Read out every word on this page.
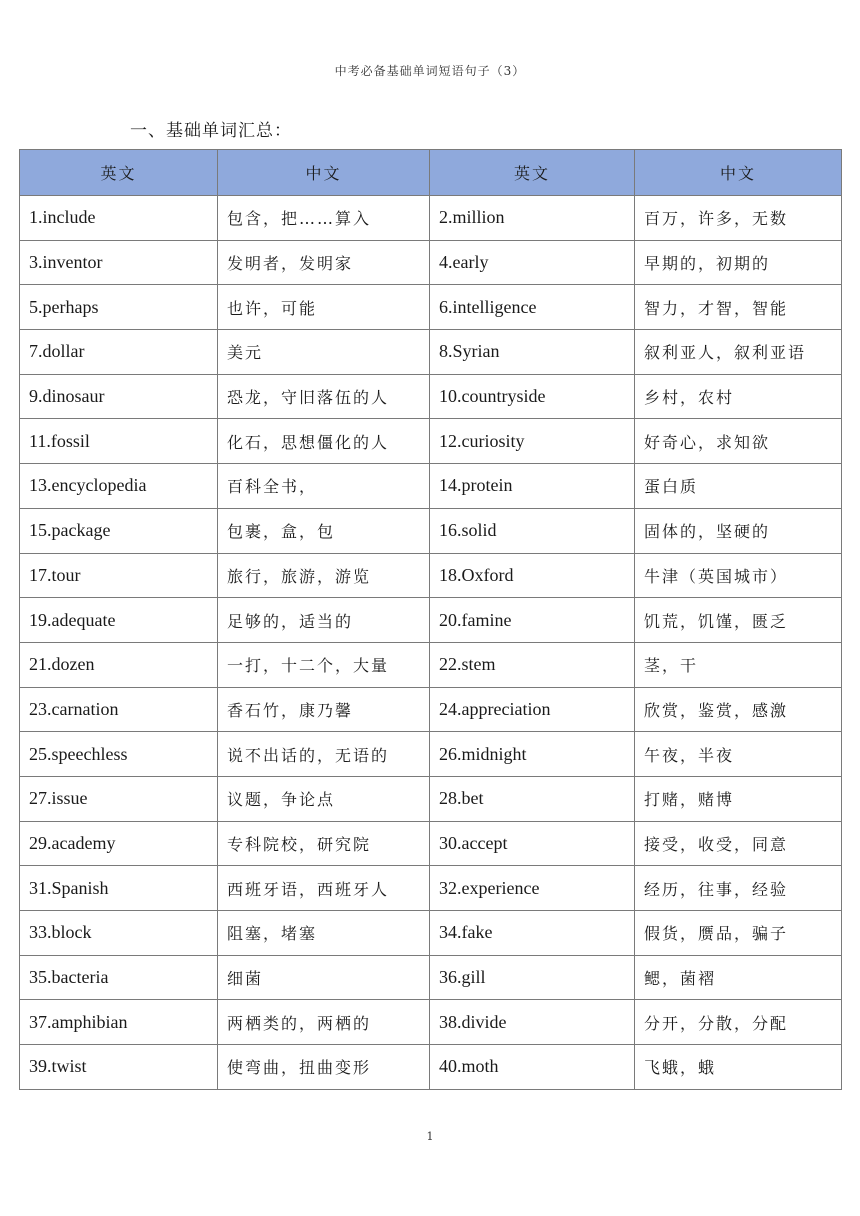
中考必备基础单词短语句子（3）
一、基础单词汇总：
英文	中文	英文	中文
1.include	包含，把……算入	2.million	百万，许多，无数
3.inventor	发明者，发明家	4.early	早期的，初期的
5.perhaps	也许，可能	6.intelligence	智力，才智，智能
7.dollar	美元	8.Syrian	叙利亚人，叙利亚语
9.dinosaur	恐龙，守旧落伍的人	10.countryside	乡村，农村
11.fossil	化石，思想僵化的人	12.curiosity	好奇心，求知欲
13.encyclopedia	百科全书，	14.protein	蛋白质
15.package	包裹，盒，包	16.solid	固体的，坚硬的
17.tour	旅行，旅游，游览	18.Oxford	牛津（英国城市）
19.adequate	足够的，适当的	20.famine	饥荒，饥馑，匮乏
21.dozen	一打，十二个，大量	22.stem	茎，干
23.carnation	香石竹，康乃馨	24.appreciation	欣赏，鉴赏，感激
25.speechless	说不出话的，无语的	26.midnight	午夜，半夜
27.issue	议题，争论点	28.bet	打赌，赌博
29.academy	专科院校，研究院	30.accept	接受，收受，同意
31.Spanish	西班牙语，西班牙人	32.experience	经历，往事，经验
33.block	阻塞，堵塞	34.fake	假货，赝品，骗子
35.bacteria	细菌	36.gill	鳃，菌褶
37.amphibian	两栖类的，两栖的	38.divide	分开，分散，分配
39.twist	使弯曲，扭曲变形	40.moth	飞蛾，蛾
1
